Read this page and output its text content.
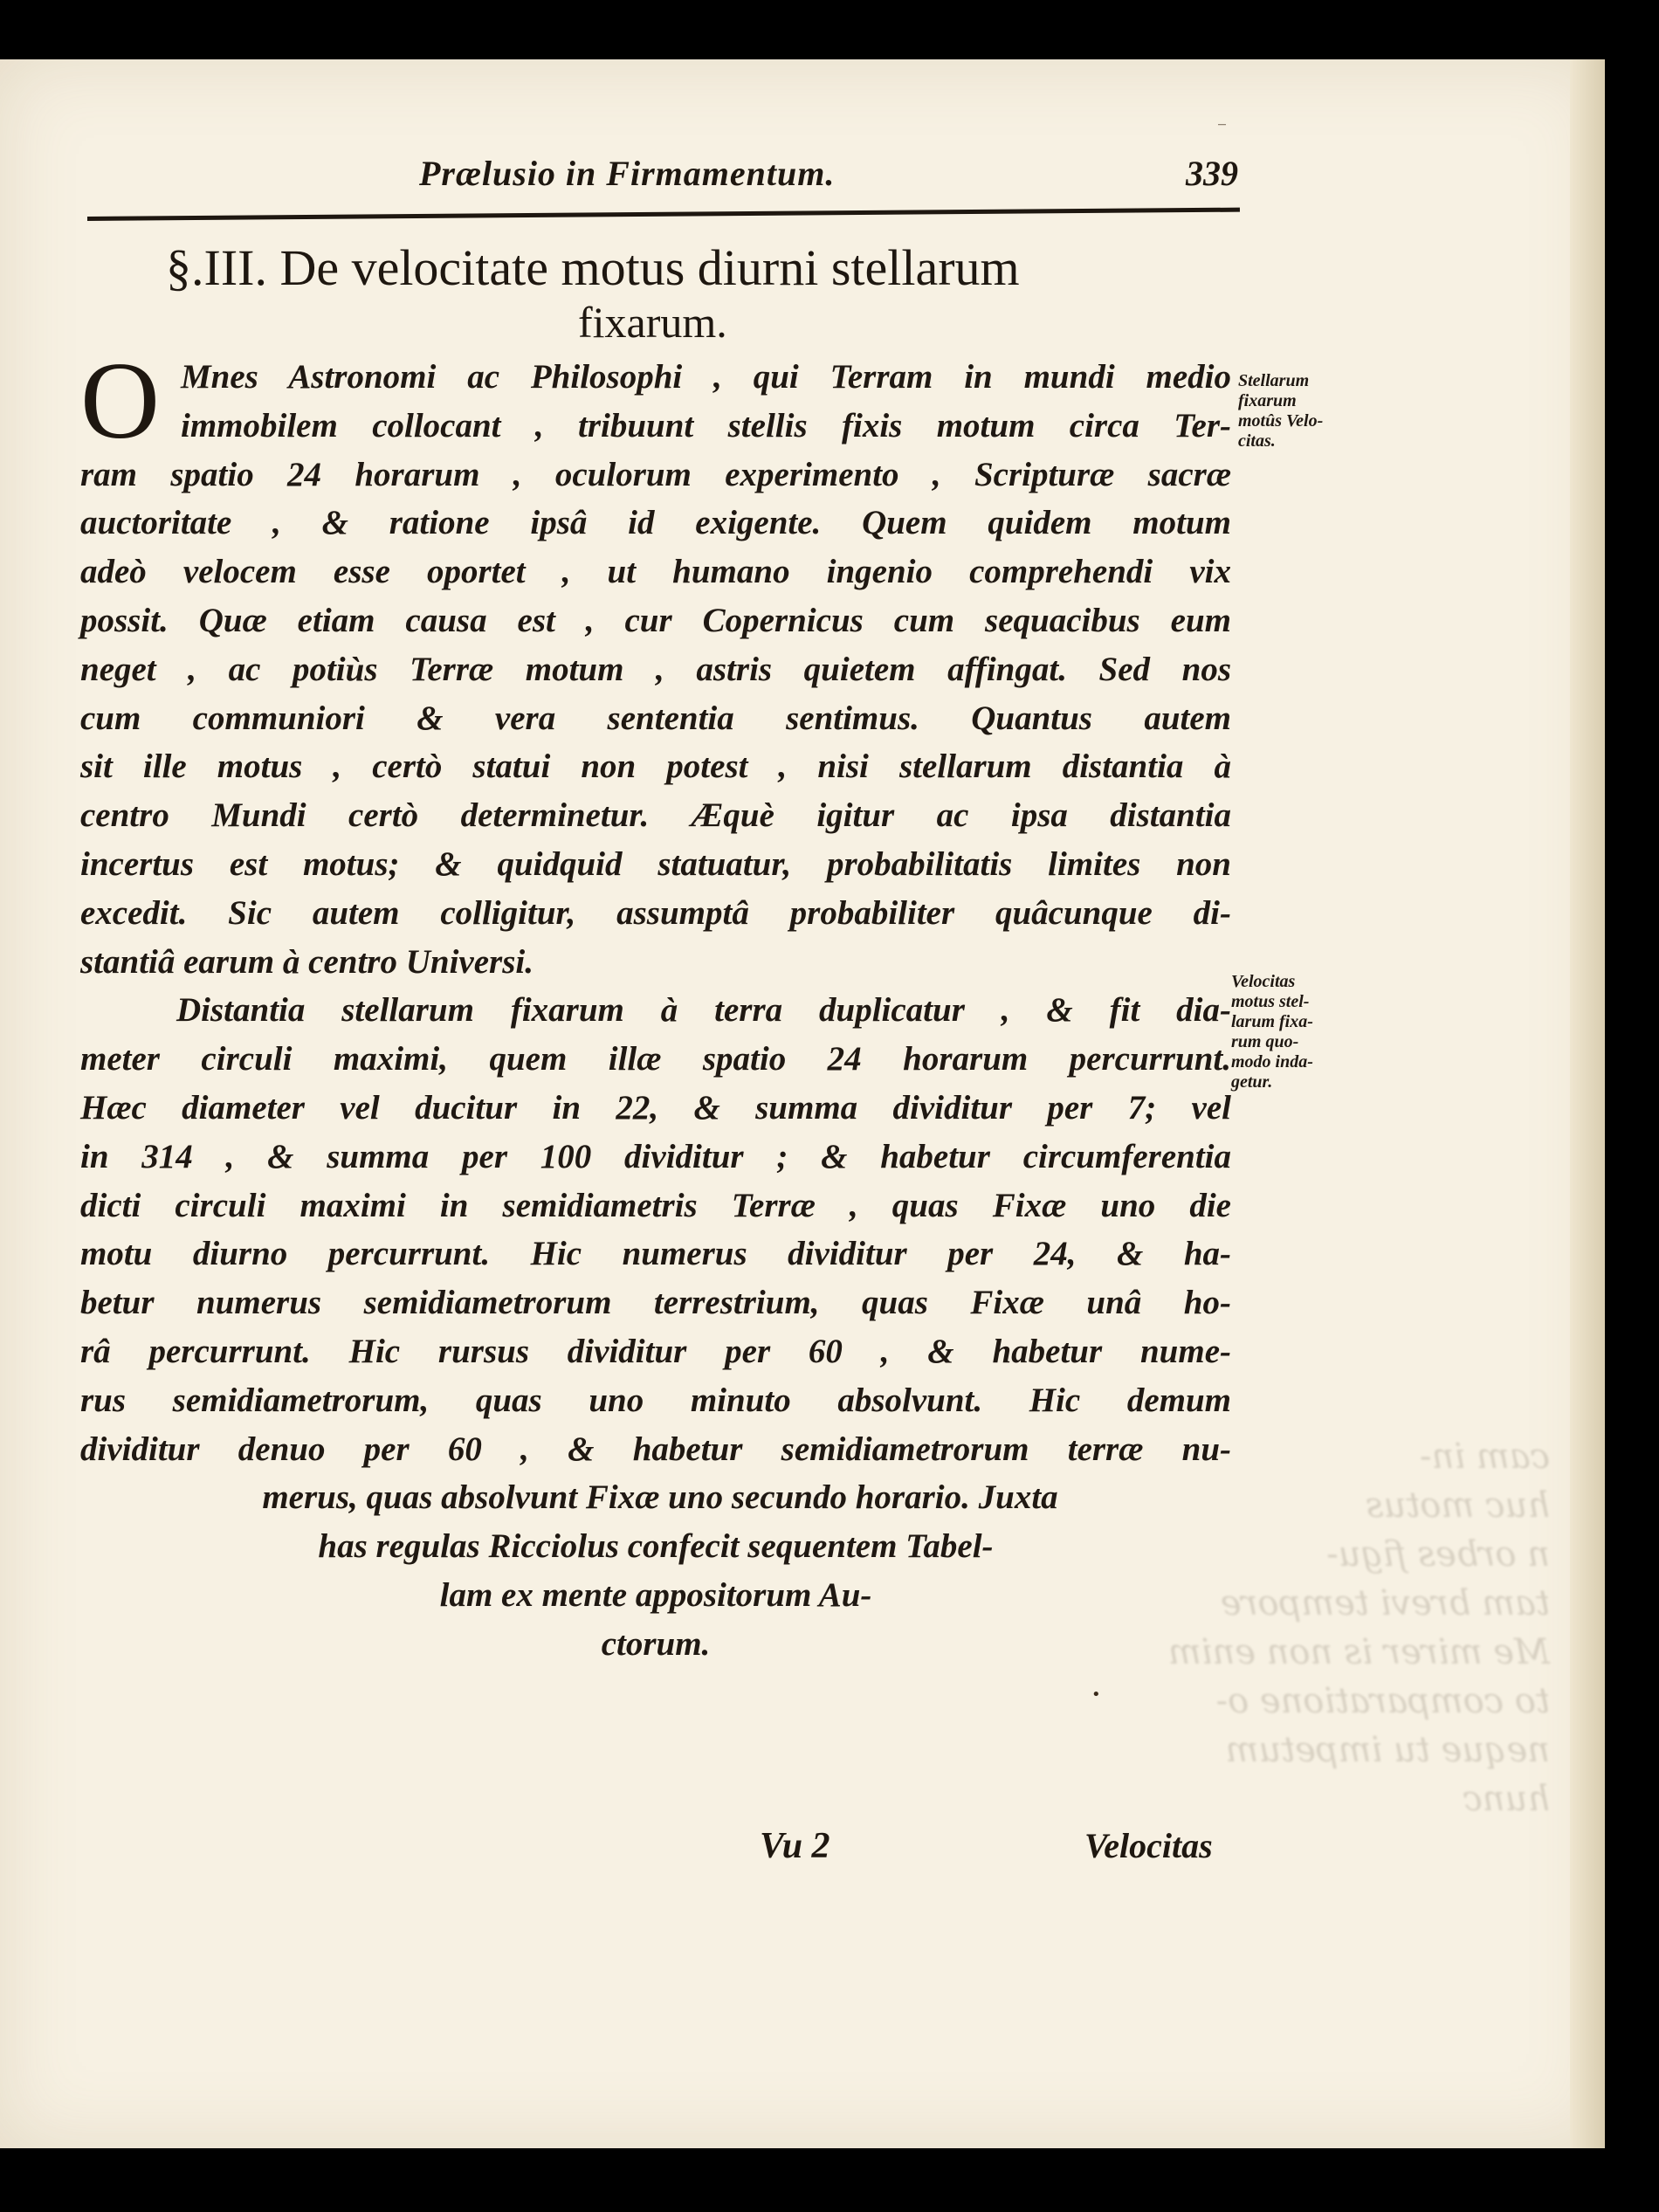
cam in-
huc motus
n orbes figu-
tam brevi tempore
Me mirer is non enim
to comparatione o-
neque tu impetum
hunc
Prælusio in Firmamentum.	339
§.III. De velocitate motus diurni stellarum
fixarum.
O Mnes Astronomi ac Philosophi , qui Terram in mundi medio
immobilem collocant , tribuunt stellis fixis motum circa Ter-
ram spatio 24 horarum , oculorum experimento , Scripturæ sacræ
auctoritate , & ratione ipsâ id exigente. Quem quidem motum
adeò velocem esse oportet , ut humano ingenio comprehendi vix
possit. Quæ etiam causa est , cur Copernicus cum sequacibus eum
neget , ac potiùs Terræ motum , astris quietem affingat. Sed nos
cum communiori & vera sententia sentimus. Quantus autem
sit ille motus , certò statui non potest , nisi stellarum distantia à
centro Mundi certò determinetur. Æquè igitur ac ipsa distantia
incertus est motus; & quidquid statuatur, probabilitatis limites non
excedit. Sic autem colligitur, assumptâ probabiliter quâcunque di-
stantiâ earum à centro Universi.
Distantia stellarum fixarum à terra duplicatur , & fit dia-
meter circuli maximi, quem illæ spatio 24 horarum percurrunt.
Hæc diameter vel ducitur in 22, & summa dividitur per 7; vel
in 314 , & summa per 100 dividitur ; & habetur circumferentia
dicti circuli maximi in semidiametris Terræ , quas Fixæ uno die
motu diurno percurrunt. Hic numerus dividitur per 24, & ha-
betur numerus semidiametrorum terrestrium, quas Fixæ unâ ho-
râ percurrunt. Hic rursus dividitur per 60 , & habetur nume-
rus semidiametrorum, quas uno minuto absolvunt. Hic demum
dividitur denuo per 60 , & habetur semidiametrorum terræ nu-
merus, quas absolvunt Fixæ uno secundo horario. Juxta
has regulas Ricciolus confecit sequentem Tabel-
lam ex mente appositorum Au-
ctorum.
Stellarum
fixarum
motûs Velo-
citas.
Velocitas
motus stel-
larum fixa-
rum quo-
modo inda-
getur.
Vu 2	Velocitas
‾
•
